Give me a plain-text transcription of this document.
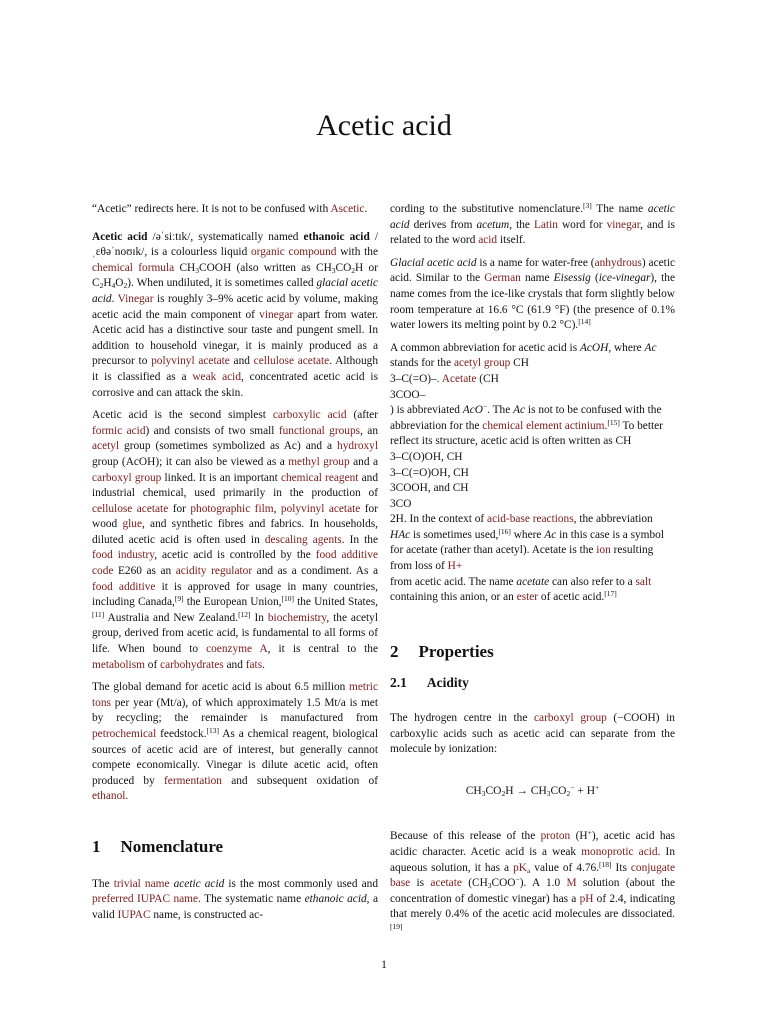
Acetic acid

“Acetic” redirects here. It is not to be confused with Ascetic.

Acetic acid /əˈsiːtɪk/, systematically named ethanoic acid /ˌɛθəˈnoʊɪk/, is a colourless liquid organic compound with the chemical formula $CH_3COOH$ (also written as $CH_3CO_2H$ or $C_2H_4O_2$). When undiluted, it is sometimes called glacial acetic acid. Vinegar is roughly 3–9% acetic acid by volume, making acetic acid the main component of vinegar apart from water. Acetic acid has a distinctive sour taste and pungent smell. In addition to household vinegar, it is mainly produced as a precursor to polyvinyl acetate and cellulose acetate. Although it is classified as a weak acid, concentrated acetic acid is corrosive and can attack the skin.

Acetic acid is the second simplest carboxylic acid (after formic acid) and consists of two small functional groups, an acetyl group (sometimes symbolized as Ac) and a hydroxyl group (AcOH); it can also be viewed as a methyl group and a carboxyl group linked. It is an important chemical reagent and industrial chemical, used primarily in the production of cellulose acetate for photographic film, polyvinyl acetate for wood glue, and synthetic fibres and fabrics. In households, diluted acetic acid is often used in descaling agents. In the food industry, acetic acid is controlled by the food additive code E260 as an acidity regulator and as a condiment. As a food additive it is approved for usage in many countries, including Canada,[9] the European Union,[10] the United States,[11] Australia and New Zealand.[12] In biochemistry, the acetyl group, derived from acetic acid, is fundamental to all forms of life. When bound to coenzyme A, it is central to the metabolism of carbohydrates and fats.

The global demand for acetic acid is about 6.5 million metric tons per year (Mt/a), of which approximately 1.5 Mt/a is met by recycling; the remainder is manufactured from petrochemical feedstock.[13] As a chemical reagent, biological sources of acetic acid are of interest, but generally cannot compete economically. Vinegar is dilute acetic acid, often produced by fermentation and subsequent oxidation of ethanol.

1 Nomenclature

The trivial name acetic acid is the most commonly used and preferred IUPAC name. The systematic name ethanoic acid, a valid IUPAC name, is constructed ac-

cording to the substitutive nomenclature.[3] The name acetic acid derives from acetum, the Latin word for vinegar, and is related to the word acid itself.

Glacial acetic acid is a name for water-free (anhydrous) acetic acid. Similar to the German name Eisessig (ice-vinegar), the name comes from the ice-like crystals that form slightly below room temperature at 16.6 °C (61.9 °F) (the presence of 0.1% water lowers its melting point by 0.2 °C).[14]

A common abbreviation for acetic acid is AcOH, where Ac stands for the acetyl group CH
3–C(=O)–. Acetate (CH
3COO–
) is abbreviated AcO−. The Ac is not to be confused with the abbreviation for the chemical element actinium.[15] To better reflect its structure, acetic acid is often written as CH
3–C(O)OH, CH
3–C(=O)OH, CH
3COOH, and CH
3CO
2H. In the context of acid-base reactions, the abbreviation HAc is sometimes used,[16] where Ac in this case is a symbol for acetate (rather than acetyl). Acetate is the ion resulting from loss of H+
from acetic acid. The name acetate can also refer to a salt containing this anion, or an ester of acetic acid.[17]

2 Properties
2.1 Acidity

The hydrogen centre in the carboxyl group (−COOH) in carboxylic acids such as acetic acid can separate from the molecule by ionization:

$CH_3CO_2H \to CH_3CO_2^- + H^+$

Because of this release of the proton (H+), acetic acid has acidic character. Acetic acid is a weak monoprotic acid. In aqueous solution, it has a $pK_a$ value of 4.76.[18] Its conjugate base is acetate $(CH_3COO^-)$. A 1.0 M solution (about the concentration of domestic vinegar) has a pH of 2.4, indicating that merely 0.4% of the acetic acid molecules are dissociated.[19]

1
